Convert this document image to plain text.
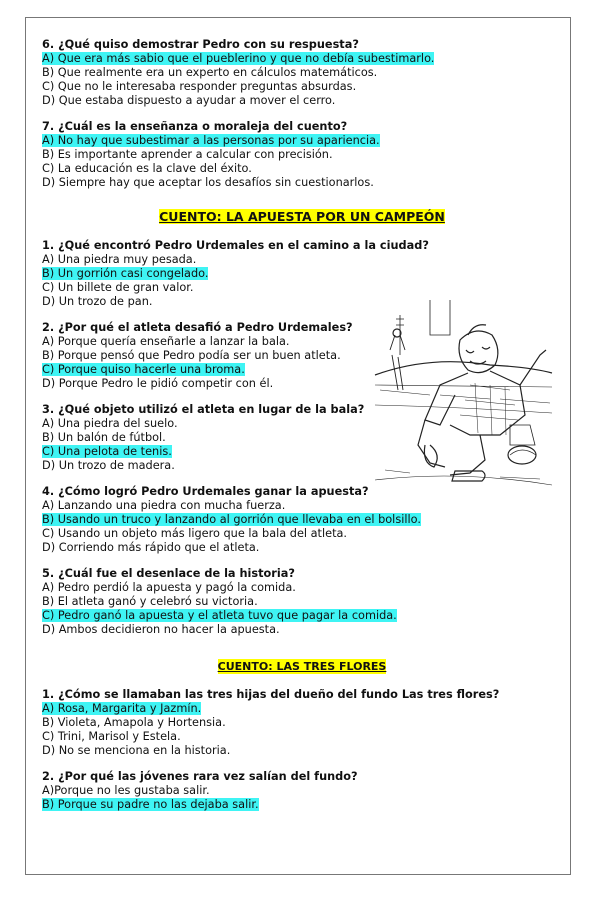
6. ¿Qué quiso demostrar Pedro con su respuesta?

A) Que era más sabio que el pueblerino y que no debía subestimarlo.

B) Que realmente era un experto en cálculos matemáticos.

C) Que no le interesaba responder preguntas absurdas.

D) Que estaba dispuesto a ayudar a mover el cerro.

7. ¿Cuál es la enseñanza o moraleja del cuento?

A) No hay que subestimar a las personas por su apariencia.

B) Es importante aprender a calcular con precisión.

C) La educación es la clave del éxito.

D) Siempre hay que aceptar los desafíos sin cuestionarlos.

CUENTO: LA APUESTA POR UN CAMPEÓN

1. ¿Qué encontró Pedro Urdemales en el camino a la ciudad?

A) Una piedra muy pesada.

B) Un gorrión casi congelado.

C) Un billete de gran valor.

D) Un trozo de pan.

2. ¿Por qué el atleta desafió a Pedro Urdemales?

A) Porque quería enseñarle a lanzar la bala.

B) Porque pensó que Pedro podía ser un buen atleta.

C) Porque quiso hacerle una broma.

D) Porque Pedro le pidió competir con él.

3. ¿Qué objeto utilizó el atleta en lugar de la bala?

A) Una piedra del suelo.

B) Un balón de fútbol.

C) Una pelota de tenis.

D) Un trozo de madera.

4. ¿Cómo logró Pedro Urdemales ganar la apuesta?

A) Lanzando una piedra con mucha fuerza.

B) Usando un truco y lanzando al gorrión que llevaba en el bolsillo.

C) Usando un objeto más ligero que la bala del atleta.

D) Corriendo más rápido que el atleta.

5. ¿Cuál fue el desenlace de la historia?

A) Pedro perdió la apuesta y pagó la comida.

B) El atleta ganó y celebró su victoria.

C) Pedro ganó la apuesta y el atleta tuvo que pagar la comida.

D) Ambos decidieron no hacer la apuesta.

CUENTO: LAS TRES FLORES

1. ¿Cómo se llamaban las tres hijas del dueño del fundo Las tres flores?

A) Rosa, Margarita y Jazmín.

B) Violeta, Amapola y Hortensia.

C) Trini, Marisol y Estela.

D) No se menciona en la historia.

2. ¿Por qué las jóvenes rara vez salían del fundo?

A)Porque no les gustaba salir.

B) Porque su padre no las dejaba salir.
